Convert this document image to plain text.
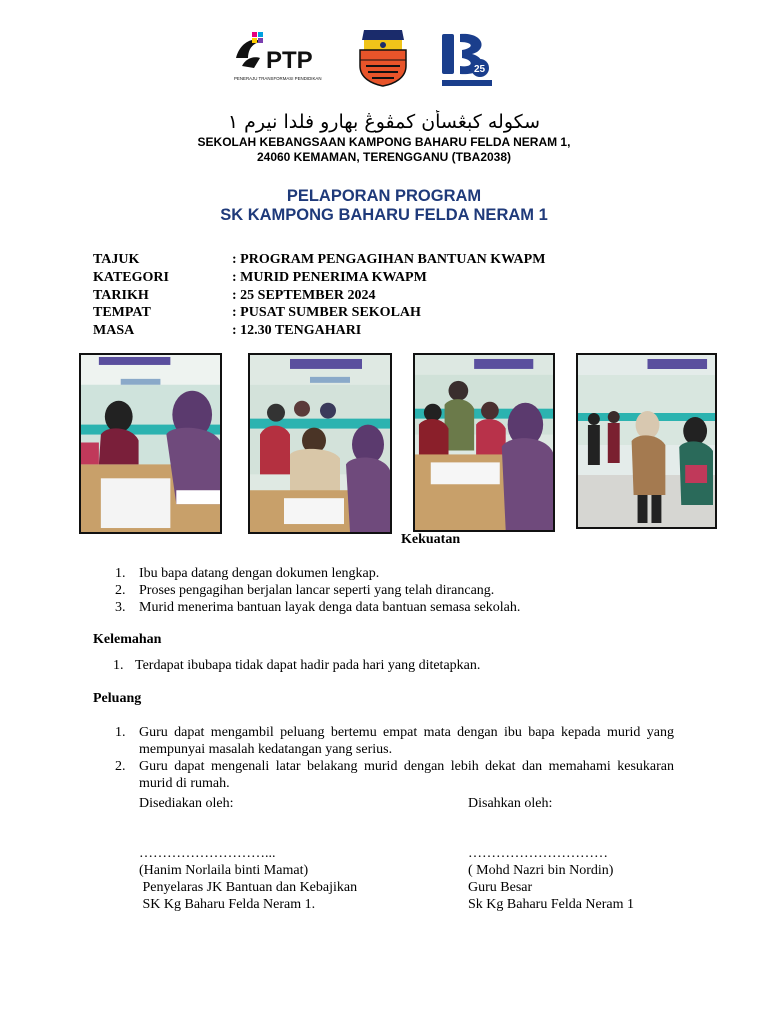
PTP
PENERAJU TRANSFORMASI PENDIDIKAN
25
سکوله کبڠسأن کمڤوڠ بهارو فلدا نيرم ١
SEKOLAH KEBANGSAAN KAMPONG BAHARU FELDA NERAM 1,
24060 KEMAMAN, TERENGGANU (TBA2038)
PELAPORAN PROGRAM
SK KAMPONG BAHARU FELDA NERAM 1
TAJUK	: PROGRAM PENGAGIHAN BANTUAN KWAPM
KATEGORI	: MURID PENERIMA KWAPM
TARIKH	: 25 SEPTEMBER 2024
TEMPAT	: PUSAT SUMBER SEKOLAH
MASA	: 12.30 TENGAHARI
Kekuatan
1. Ibu bapa datang dengan dokumen lengkap.
2. Proses pengagihan berjalan lancar seperti yang telah dirancang.
3. Murid menerima bantuan layak denga data bantuan semasa sekolah.
Kelemahan
1. Terdapat ibubapa tidak dapat hadir pada hari yang ditetapkan.
Peluang
1. Guru dapat mengambil peluang bertemu empat mata dengan ibu bapa kepada murid yang mempunyai masalah kedatangan yang serius.
2. Guru dapat mengenali latar belakang murid dengan lebih dekat dan memahami kesukaran murid di rumah.
Disediakan oleh:
………………………...
(Hanim Norlaila binti Mamat)
Penyelaras JK Bantuan dan Kebajikan
SK Kg Baharu Felda Neram 1.
Disahkan oleh:
…………………………
( Mohd Nazri bin Nordin)
Guru Besar
Sk Kg Baharu Felda Neram 1
